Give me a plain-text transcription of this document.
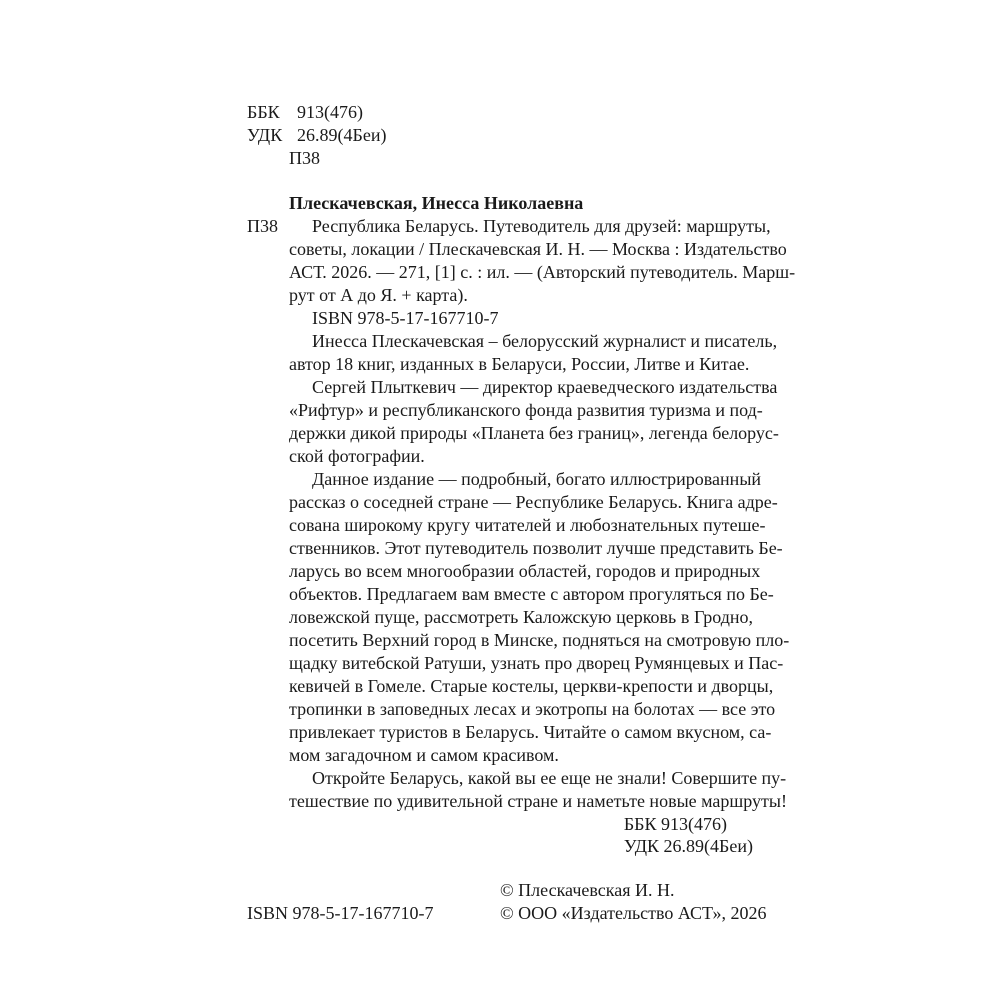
ББК 913(476)
УДК 26.89(4Беи)
П38
Плескачевская, Инесса Николаевна
П38 Республика Беларусь. Путеводитель для друзей: маршруты,
советы, локации / Плескачевская И. Н. — Москва : Издательство
АСТ. 2026. — 271, [1] с. : ил. — (Авторский путеводитель. Марш-
рут от А до Я. + карта).
ISBN 978-5-17-167710-7
Инесса Плескачевская – белорусский журналист и писатель,
автор 18 книг, изданных в Беларуси, России, Литве и Китае.
Сергей Плыткевич — директор краеведческого издательства
«Рифтур» и республиканского фонда развития туризма и под-
держки дикой природы «Планета без границ», легенда белорус-
ской фотографии.
Данное издание — подробный, богато иллюстрированный
рассказ о соседней стране — Республике Беларусь. Книга адре-
сована широкому кругу читателей и любознательных путеше-
ственников. Этот путеводитель позволит лучше представить Бе-
ларусь во всем многообразии областей, городов и природных
объектов. Предлагаем вам вместе с автором прогуляться по Бе-
ловежской пуще, рассмотреть Каложскую церковь в Гродно,
посетить Верхний город в Минске, подняться на смотровую пло-
щадку витебской Ратуши, узнать про дворец Румянцевых и Пас-
кевичей в Гомеле. Старые костелы, церкви-крепости и дворцы,
тропинки в заповедных лесах и экотропы на болотах — все это
привлекает туристов в Беларусь. Читайте о самом вкусном, са-
мом загадочном и самом красивом.
Откройте Беларусь, какой вы ее еще не знали! Совершите пу-
тешествие по удивительной стране и наметьте новые маршруты!
ББК 913(476)
УДК 26.89(4Беи)
© Плескачевская И. Н.
ISBN 978-5-17-167710-7	© ООО «Издательство АСТ», 2026
